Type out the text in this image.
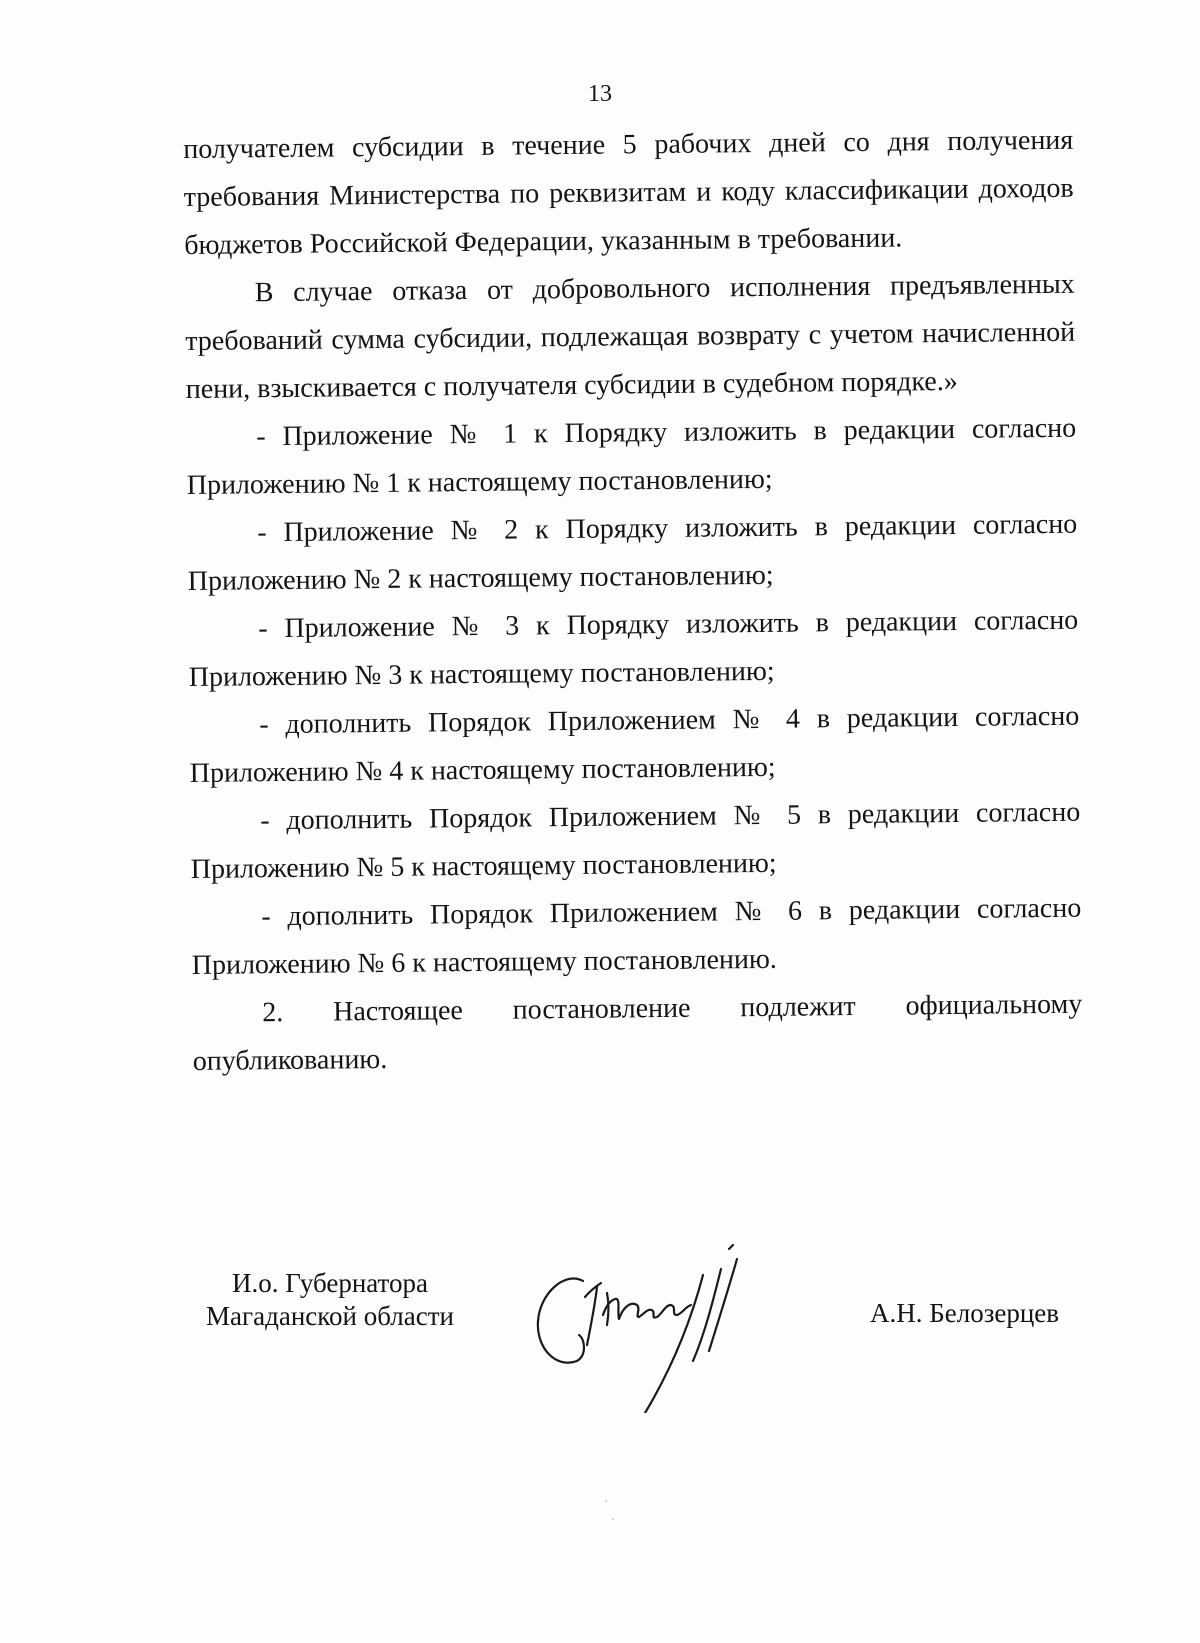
13

получателем субсидии в течение 5 рабочих дней со дня получения требования Министерства по реквизитам и коду классификации доходов бюджетов Российской Федерации, указанным в требовании.

В случае отказа от добровольного исполнения предъявленных требований сумма субсидии, подлежащая возврату с учетом начисленной пени, взыскивается с получателя субсидии в судебном порядке.»

- Приложение № 1 к Порядку изложить в редакции согласно Приложению № 1 к настоящему постановлению;

- Приложение № 2 к Порядку изложить в редакции согласно Приложению № 2 к настоящему постановлению;

- Приложение № 3 к Порядку изложить в редакции согласно Приложению № 3 к настоящему постановлению;

- дополнить Порядок Приложением № 4 в редакции согласно Приложению № 4 к настоящему постановлению;

- дополнить Порядок Приложением № 5 в редакции согласно Приложению № 5 к настоящему постановлению;

- дополнить Порядок Приложением № 6 в редакции согласно Приложению № 6 к настоящему постановлению.

2. Настоящее постановление подлежит официальному опубликованию.

И.о. Губернатора
Магаданской области	А.Н. Белозерцев
